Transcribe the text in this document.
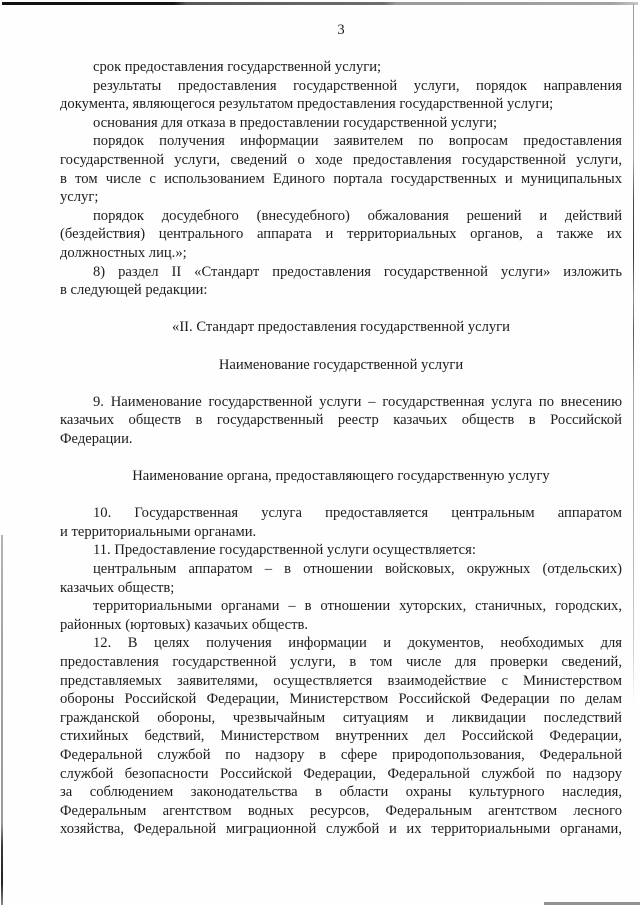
3
срок предоставления государственной услуги;
результаты предоставления государственной услуги, порядок направления
документа, являющегося результатом предоставления государственной услуги;
основания для отказа в предоставлении государственной услуги;
порядок получения информации заявителем по вопросам предоставления
государственной услуги, сведений о ходе предоставления государственной услуги,
в том числе с использованием Единого портала государственных и муниципальных
услуг;
порядок досудебного (внесудебного) обжалования решений и действий
(бездействия) центрального аппарата и территориальных органов, а также их
должностных лиц.»;
8) раздел II «Стандарт предоставления государственной услуги» изложить
в следующей редакции:
«II. Стандарт предоставления государственной услуги
Наименование государственной услуги
9. Наименование государственной услуги – государственная услуга по внесению
казачьих обществ в государственный реестр казачьих обществ в Российской
Федерации.
Наименование органа, предоставляющего государственную услугу
10. Государственная услуга предоставляется центральным аппаратом
и территориальными органами.
11. Предоставление государственной услуги осуществляется:
центральным аппаратом – в отношении войсковых, окружных (отдельских)
казачьих обществ;
территориальными органами – в отношении хуторских, станичных, городских,
районных (юртовых) казачьих обществ.
12. В целях получения информации и документов, необходимых для
предоставления государственной услуги, в том числе для проверки сведений,
представляемых заявителями, осуществляется взаимодействие с Министерством
обороны Российской Федерации, Министерством Российской Федерации по делам
гражданской обороны, чрезвычайным ситуациям и ликвидации последствий
стихийных бедствий, Министерством внутренних дел Российской Федерации,
Федеральной службой по надзору в сфере природопользования, Федеральной
службой безопасности Российской Федерации, Федеральной службой по надзору
за соблюдением законодательства в области охраны культурного наследия,
Федеральным агентством водных ресурсов, Федеральным агентством лесного
хозяйства, Федеральной миграционной службой и их территориальными органами,
